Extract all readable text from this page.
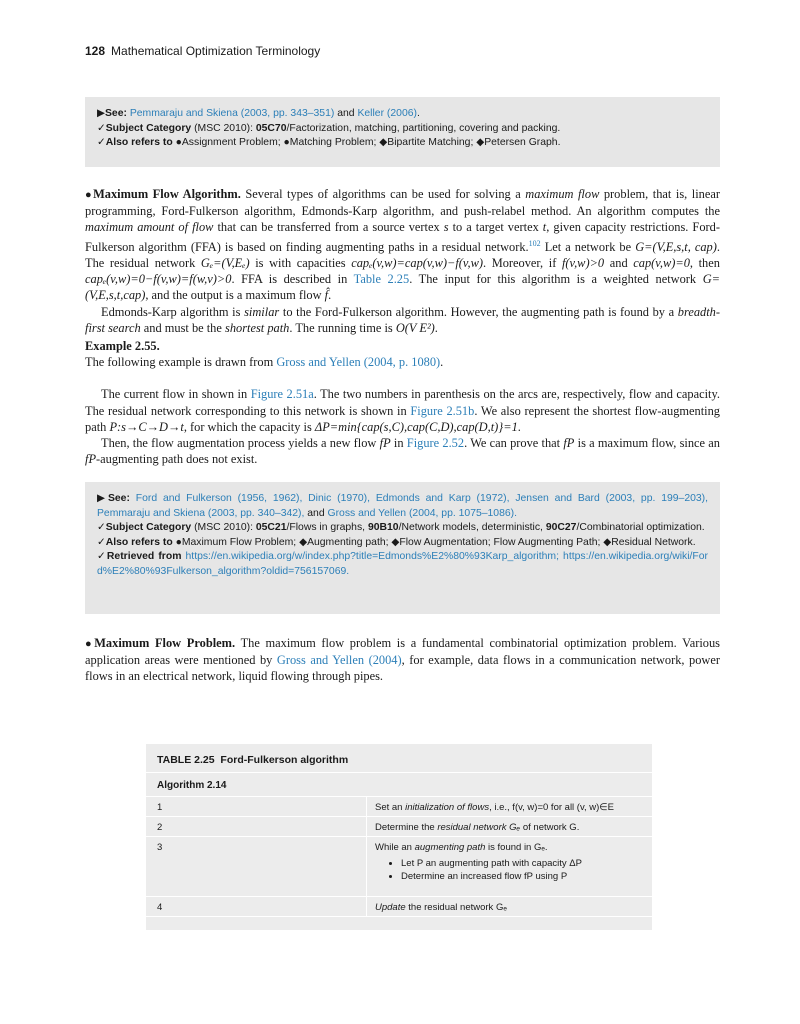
128 Mathematical Optimization Terminology
▶See: Pemmaraju and Skiena (2003, pp. 343–351) and Keller (2006).
✓Subject Category (MSC 2010): 05C70/Factorization, matching, partitioning, covering and packing.
✓Also refers to ●Assignment Problem; ●Matching Problem; ◆Bipartite Matching; ◆Petersen Graph.

●Maximum Flow Algorithm. Several types of algorithms can be used for solving a maximum flow problem, that is, linear programming, Ford-Fulkerson algorithm, Edmonds-Karp algorithm, and push-relabel method. An algorithm computes the maximum amount of flow that can be transferred from a source vertex s to a target vertex t, given capacity restrictions. Ford-Fulkerson algorithm (FFA) is based on finding augmenting paths in a residual network.$^{102}$ Let a network be G=(V,E,s,t, cap). The residual network Gₑ=(V,Eₑ) is with capacities capₑ(v,w)=cap(v,w)−f(v,w). Moreover, if f(v,w)>0 and cap(v,w)=0, then capₑ(v,w)=0−f(v,w)=f(w,v)>0. FFA is described in Table 2.25. The input for this algorithm is a weighted network G=(V,E,s,t,cap), and the output is a maximum flow f̂.

Edmonds-Karp algorithm is similar to the Ford-Fulkerson algorithm. However, the augmenting path is found by a breadth-first search and must be the shortest path. The running time is O(V E²).

Example 2.55.

The following example is drawn from Gross and Yellen (2004, p. 1080).

The current flow in shown in Figure 2.51a. The two numbers in parenthesis on the arcs are, respectively, flow and capacity. The residual network corresponding to this network is shown in Figure 2.51b. We also represent the shortest flow-augmenting path P:s→C→D→t, for which the capacity is ΔP=min{cap(s,C),cap(C,D),cap(D,t)}=1.

Then, the flow augmentation process yields a new flow fP in Figure 2.52. We can prove that fP is a maximum flow, since an fP-augmenting path does not exist.

▶See: Ford and Fulkerson (1956, 1962), Dinic (1970), Edmonds and Karp (1972), Jensen and Bard (2003, pp. 199–203), Pemmaraju and Skiena (2003, pp. 340–342), and Gross and Yellen (2004, pp. 1075–1086).
✓Subject Category (MSC 2010): 05C21/Flows in graphs, 90B10/Network models, deterministic, 90C27/Combinatorial optimization.
✓Also refers to ●Maximum Flow Problem; ◆Augmenting path; ◆Flow Augmentation; Flow Augmenting Path; ◆Residual Network.
✓Retrieved from https://en.wikipedia.org/w/index.php?title=Edmonds%E2%80%93Karp_algorithm; https://en.wikipedia.org/wiki/Ford%E2%80%93Fulkerson_algorithm?oldid=756157069.

●Maximum Flow Problem. The maximum flow problem is a fundamental combinatorial optimization problem. Various application areas were mentioned by Gross and Yellen (2004), for example, data flows in a communication network, power flows in an electrical network, liquid flowing through pipes.

TABLE 2.25 Ford-Fulkerson algorithm
Algorithm 2.14
1	Set an initialization of flows, i.e., f(v, w)=0 for all (v, w)∈E
2	Determine the residual network Gₑ of network G.
3	While an augmenting path is found in Gₑ.
• Let P an augmenting path with capacity ΔP
• Determine an increased flow fP using P
4	Update the residual network Gₑ
